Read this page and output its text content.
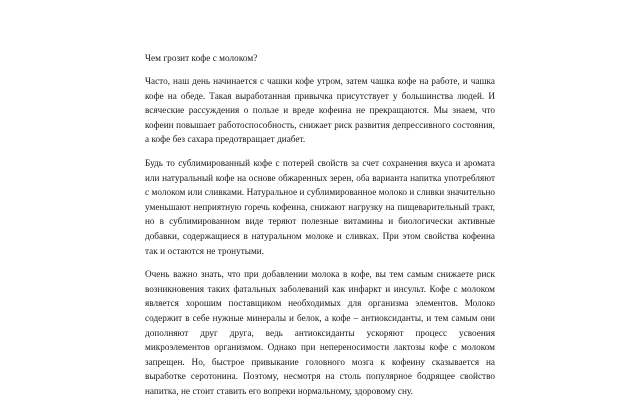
Чем грозит кофе с молоком?

Часто, наш день начинается с чашки кофе утром, затем чашка кофе на работе, и чашка кофе на обеде. Такая выработанная привычка присутствует у большинства людей. И всяческие рассуждения о пользе и вреде кофеина не прекращаются. Мы знаем, что кофеин повышает работоспособность, снижает риск развития депрессивного состояния, а кофе без сахара предотвращает диабет.

Будь то сублимированный кофе с потерей свойств за счет сохранения вкуса и аромата или натуральный кофе на основе обжаренных зерен, оба варианта напитка употребляют с молоком или сливками. Натуральное и сублимированное молоко и сливки значительно уменьшают неприятную горечь кофеина, снижают нагрузку на пищеварительный тракт, но в сублимированном виде теряют полезные витамины и биологически активные добавки, содержащиеся в натуральном молоке и сливках. При этом свойства кофеина так и остаются не тронутыми.

Очень важно знать, что при добавлении молока в кофе, вы тем самым снижаете риск возникновения таких фатальных заболеваний как инфаркт и инсульт. Кофе с молоком является хорошим поставщиком необходимых для организма элементов. Молоко содержит в себе нужные минералы и белок, а кофе – антиоксиданты, и тем самым они дополняют друг друга, ведь антиоксиданты ускоряют процесс усвоения микроэлементов организмом. Однако при непереносимости лактозы кофе с молоком запрещен. Но, быстрое привыкание головного мозга к кофеину сказывается на выработке серотонина. Поэтому, несмотря на столь популярное бодрящее свойство напитка, не стоит ставить его вопреки нормальному, здоровому сну.
